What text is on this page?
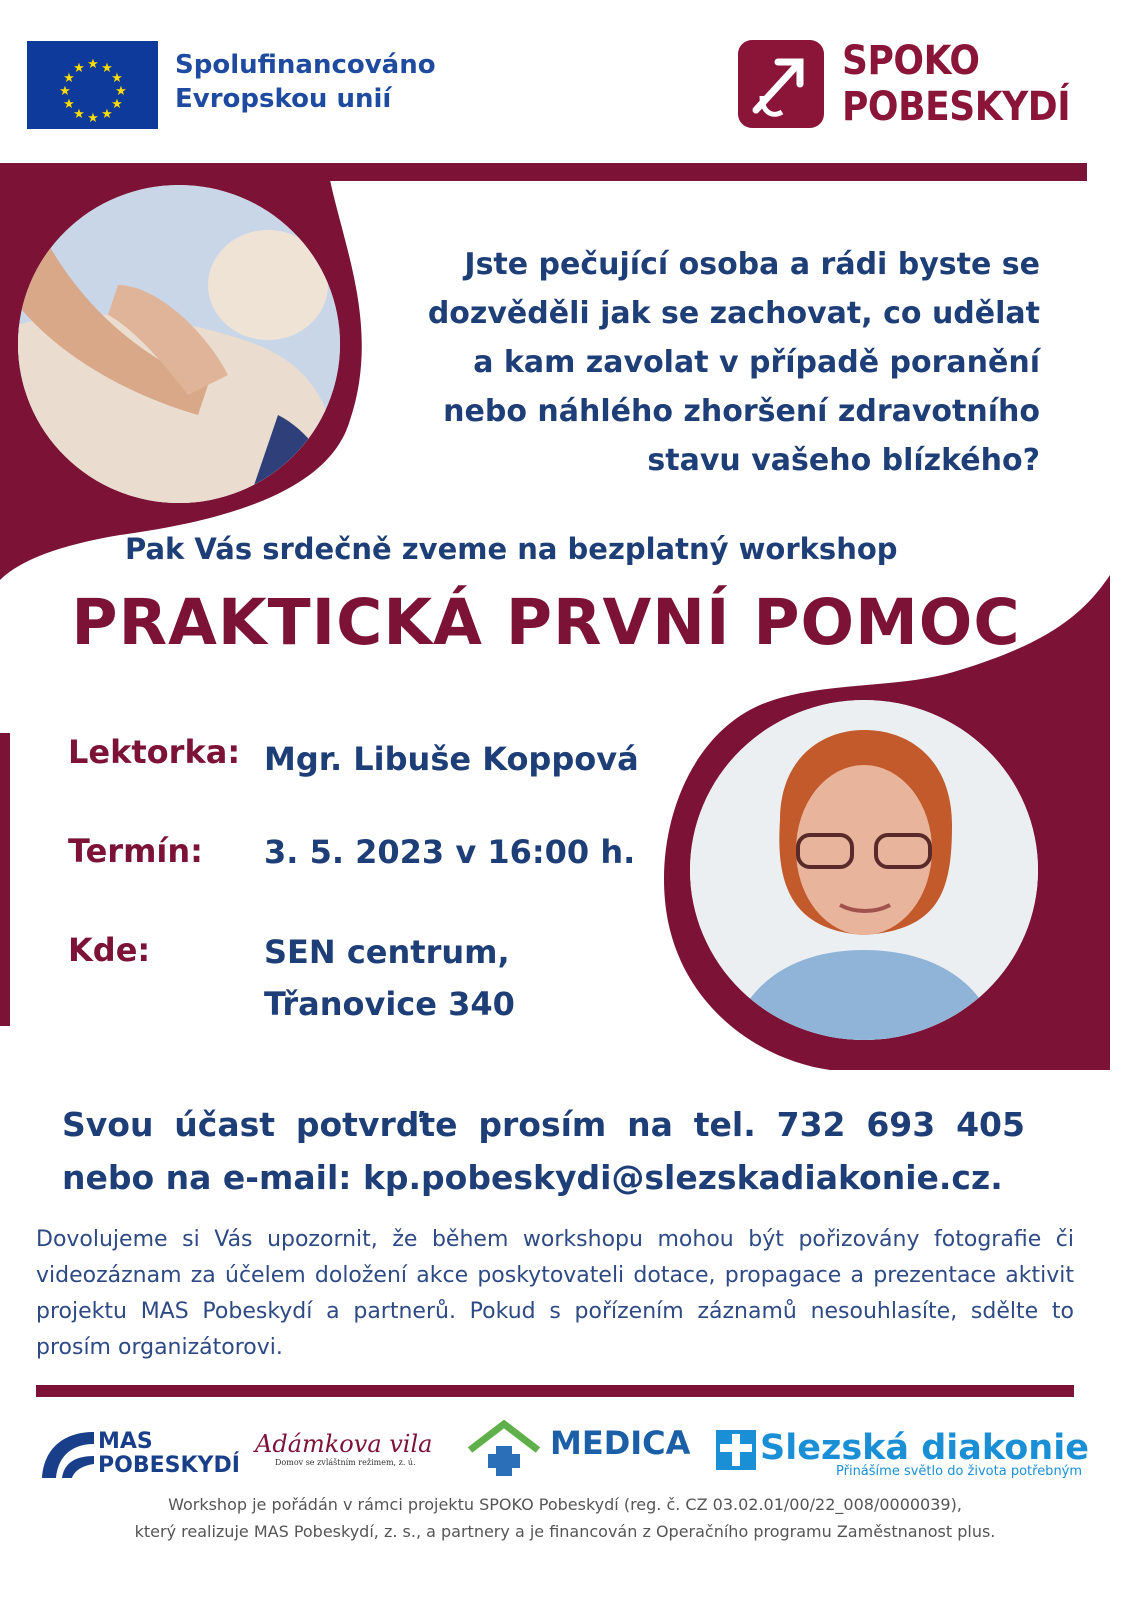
★ ★
★
★
★
★
★
★
★
★
★
★	Spolufinancováno
Evropskou unií
SPOKO
POBESKYDÍ
Jste pečující osoba a rádi byste se
dozvěděli jak se zachovat, co udělat
a kam zavolat v případě poranění
nebo náhlého zhoršení zdravotního
stavu vašeho blízkého?
Pak Vás srdečně zveme na bezplatný workshop
PRAKTICKÁ PRVNÍ POMOC
Lektorka: Mgr. Libuše Koppová
Termín: 3. 5. 2023 v 16:00 h.
Kde:	SEN centrum,
Třanovice 340
Svou účast potvrďte prosím na tel. 732 693 405
nebo na e-mail: kp.pobeskydi@slezskadiakonie.cz.
Dovolujeme si Vás upozornit, že během workshopu mohou být pořizovány fotografie či videozáznam za účelem doložení akce poskytovateli dotace, propagace a prezentace aktivit projektu MAS Pobeskydí a partnerů. Pokud s pořízením záznamů nesouhlasíte, sdělte to prosím organizátorovi.
MAS
POBESKYDÍ
Adámkova vila
Domov se zvláštním režimem, z. ú.
MEDICA Slezská diakonie
Přinášíme světlo do života potřebným
Workshop je pořádán v rámci projektu SPOKO Pobeskydí (reg. č. CZ 03.02.01/00/22_008/0000039),
který realizuje MAS Pobeskydí, z. s., a partnery a je financován z Operačního programu Zaměstnanost plus.
